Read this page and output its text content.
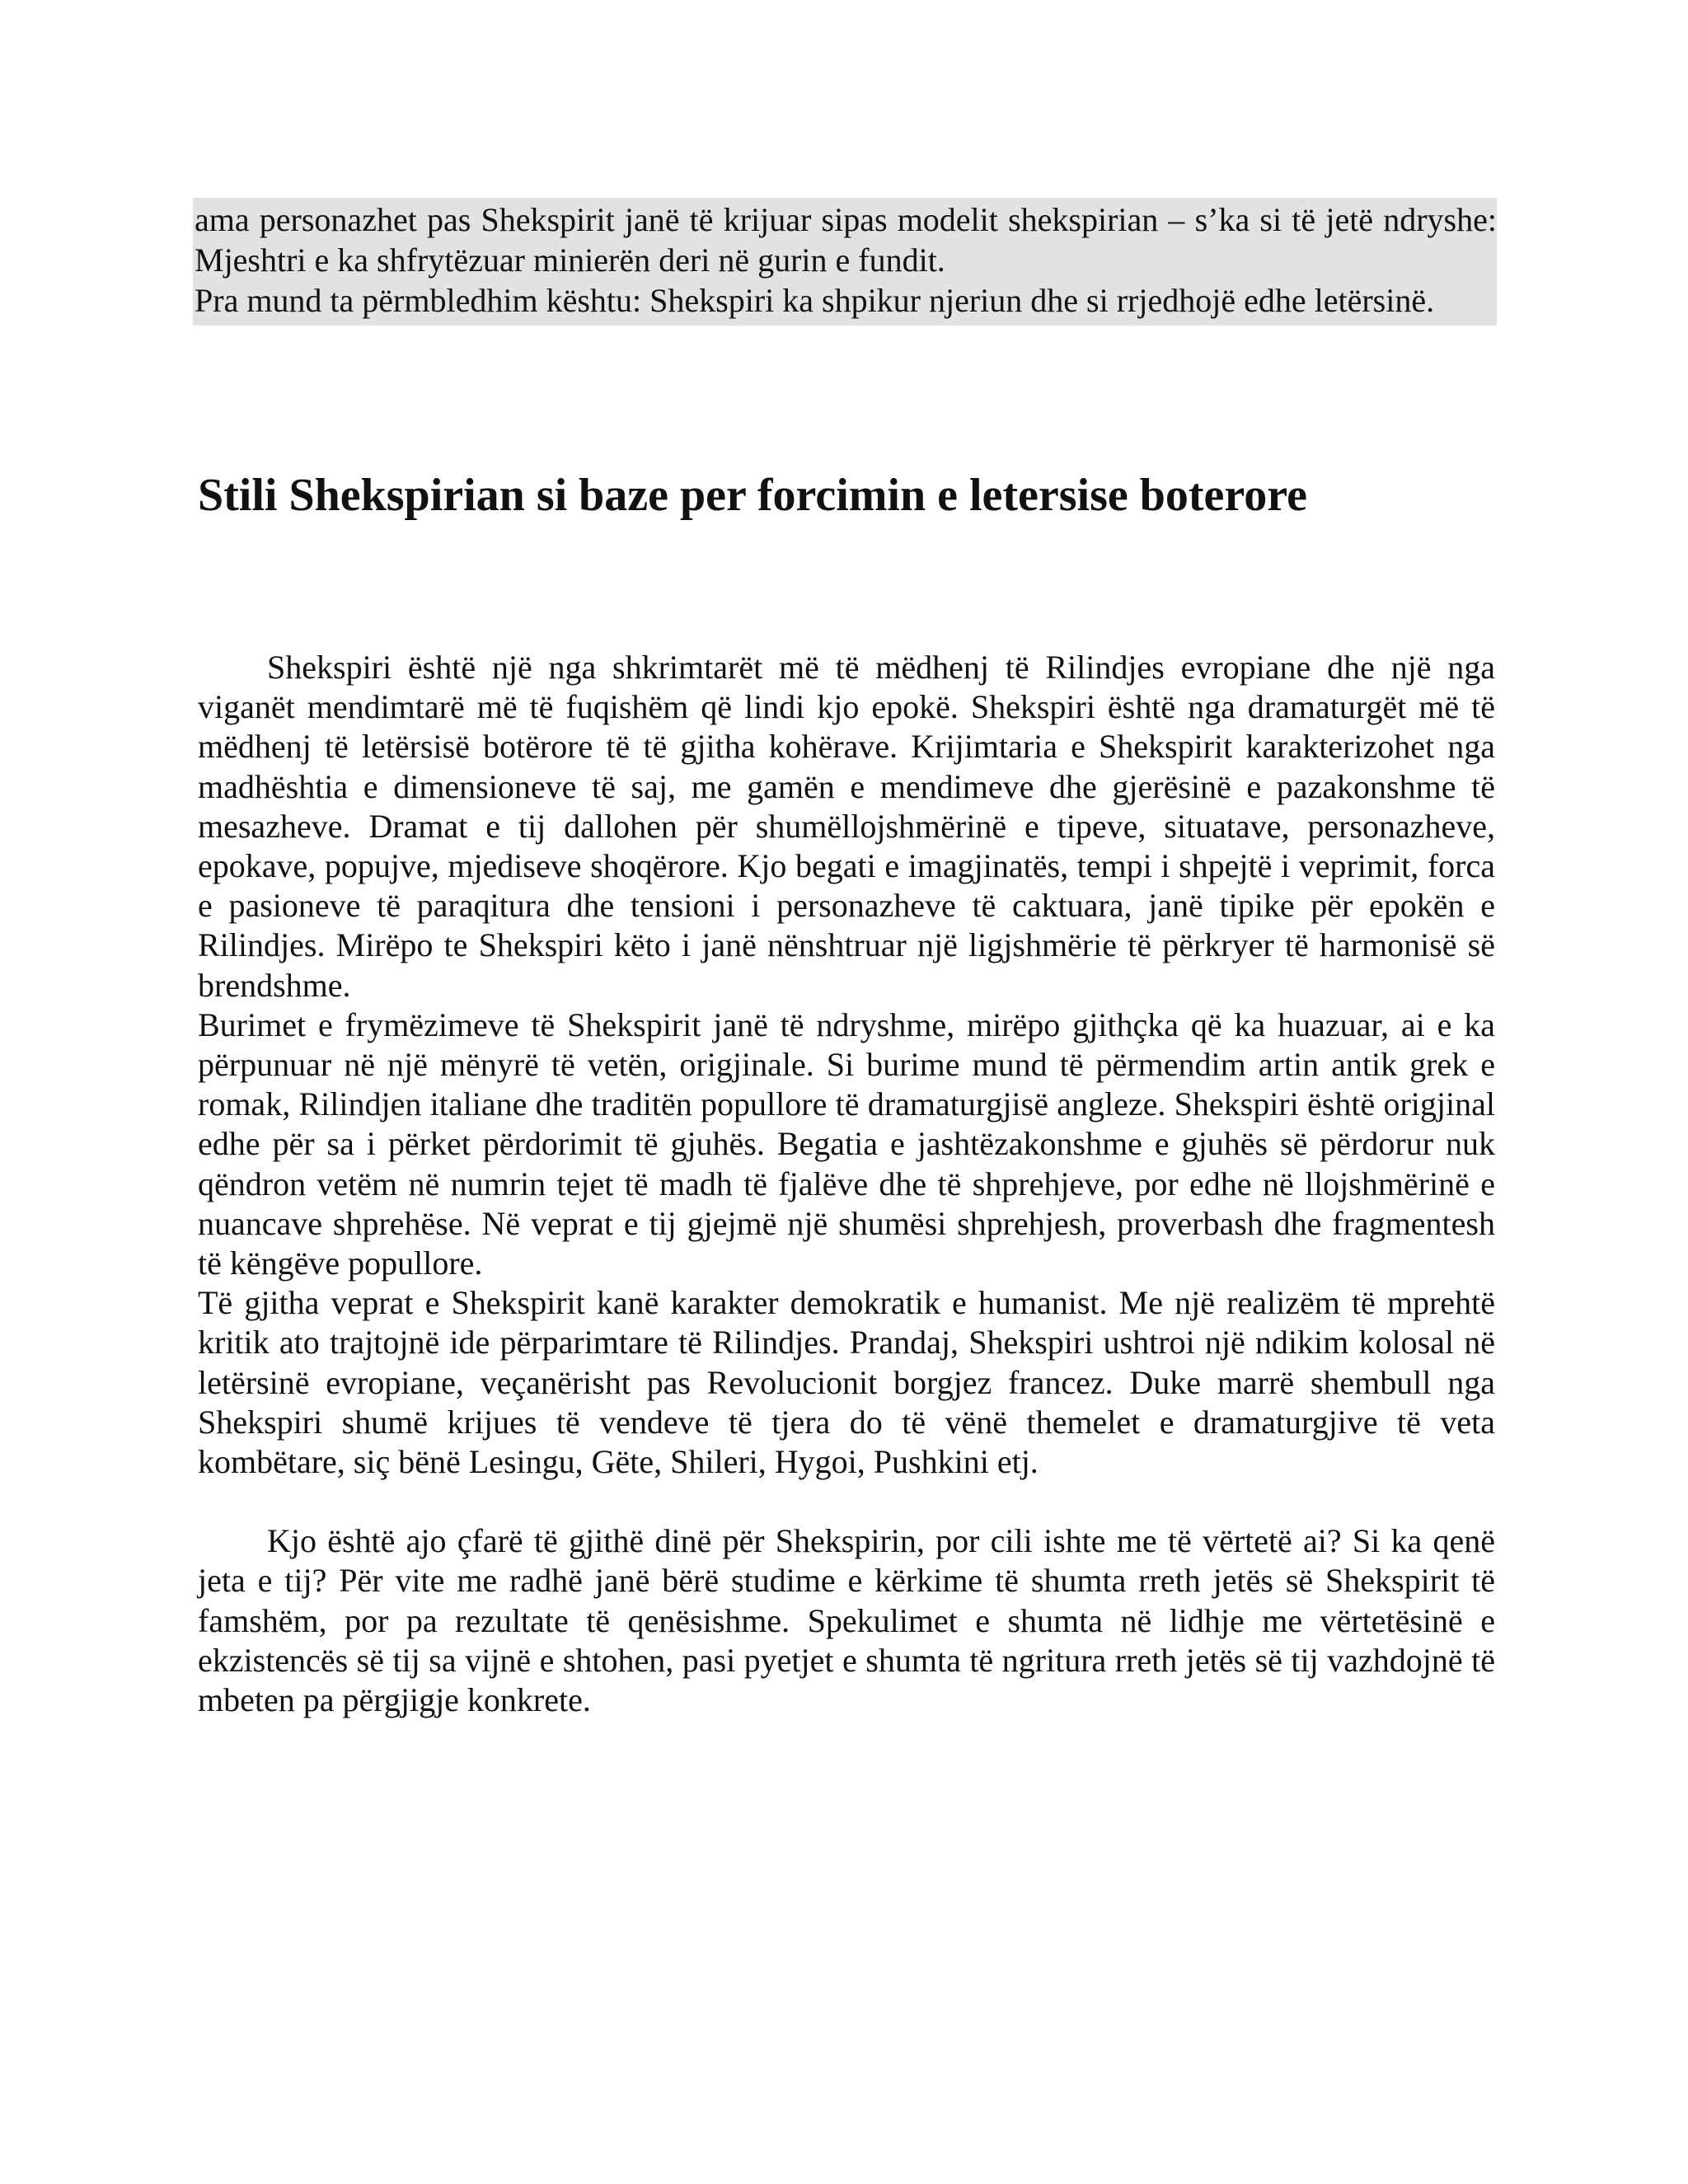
ama personazhet pas Shekspirit janë të krijuar sipas modelit shekspirian – s’ka si të jetë ndryshe: Mjeshtri e ka shfrytëzuar minierën deri në gurin e fundit.

Pra mund ta përmbledhim kështu: Shekspiri ka shpikur njeriun dhe si rrjedhojë edhe letërsinë.

Stili Shekspirian si baze per forcimin e letersise boterore

Shekspiri është një nga shkrimtarët më të mëdhenj të Rilindjes evropiane dhe një nga viganët mendimtarë më të fuqishëm që lindi kjo epokë. Shekspiri është nga dramaturgët më të mëdhenj të letërsisë botërore të të gjitha kohërave. Krijimtaria e Shekspirit karakterizohet nga madhështia e dimensioneve të saj, me gamën e mendimeve dhe gjerësinë e pazakonshme të mesazheve. Dramat e tij dallohen për shumëllojshmërinë e tipeve, situatave, personazheve, epokave, popujve, mjediseve shoqërore. Kjo begati e imagjinatës, tempi i shpejtë i veprimit, forca e pasioneve të paraqitura dhe tensioni i personazheve të caktuara, janë tipike për epokën e Rilindjes. Mirëpo te Shekspiri këto i janë nënshtruar një ligjshmërie të përkryer të harmonisë së brendshme.

Burimet e frymëzimeve të Shekspirit janë të ndryshme, mirëpo gjithçka që ka huazuar, ai e ka përpunuar në një mënyrë të vetën, origjinale. Si burime mund të përmendim artin antik grek e romak, Rilindjen italiane dhe traditën popullore të dramaturgjisë angleze. Shekspiri është origjinal edhe për sa i përket përdorimit të gjuhës. Begatia e jashtëzakonshme e gjuhës së përdorur nuk qëndron vetëm në numrin tejet të madh të fjalëve dhe të shprehjeve, por edhe në llojshmërinë e nuancave shprehëse. Në veprat e tij gjejmë një shumësi shprehjesh, proverbash dhe fragmentesh të këngëve popullore.

Të gjitha veprat e Shekspirit kanë karakter demokratik e humanist. Me një realizëm të mprehtë kritik ato trajtojnë ide përparimtare të Rilindjes. Prandaj, Shekspiri ushtroi një ndikim kolosal në letërsinë evropiane, veçanërisht pas Revolucionit borgjez francez. Duke marrë shembull nga Shekspiri shumë krijues të vendeve të tjera do të vënë themelet e dramaturgjive të veta kombëtare, siç bënë Lesingu, Gëte, Shileri, Hygoi, Pushkini etj.

Kjo është ajo çfarë të gjithë dinë për Shekspirin, por cili ishte me të vërtetë ai? Si ka qenë jeta e tij? Për vite me radhë janë bërë studime e kërkime të shumta rreth jetës së Shekspirit të famshëm, por pa rezultate të qenësishme. Spekulimet e shumta në lidhje me vërtetësinë e ekzistencës së tij sa vijnë e shtohen, pasi pyetjet e shumta të ngritura rreth jetës së tij vazhdojnë të mbeten pa përgjigje konkrete.
